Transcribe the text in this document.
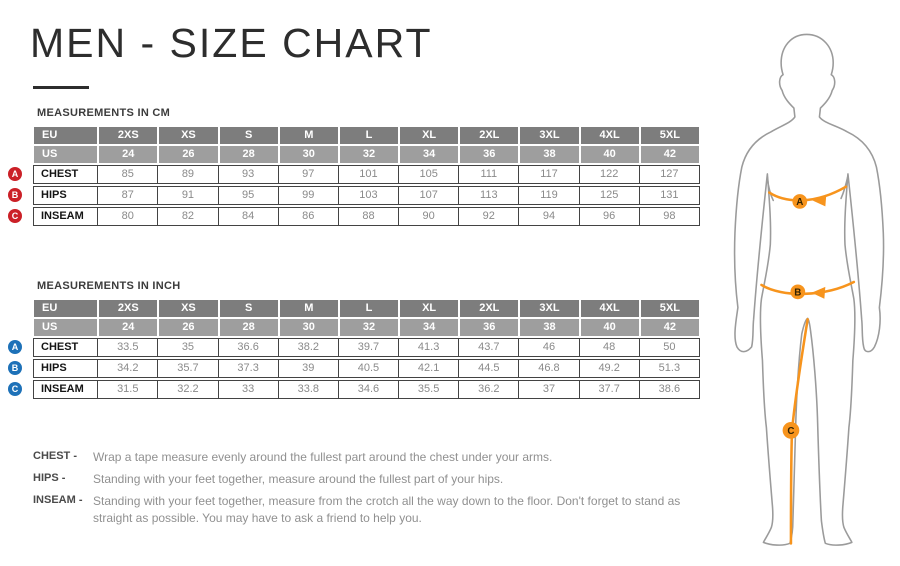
MEN - SIZE CHART
MEASUREMENTS IN CM
A
B
C
EU	2XS	XS	S	M	L	XL	2XL	3XL	4XL	5XL
US	24	26	28	30	32	34	36	38	40	42
CHEST	85	89	93	97	101	105	111	117	122	127
HIPS	87	91	95	99	103	107	113	119	125	131
INSEAM	80	82	84	86	88	90	92	94	96	98
MEASUREMENTS IN INCH
A
B
C
EU	2XS	XS	S	M	L	XL	2XL	3XL	4XL	5XL
US	24	26	28	30	32	34	36	38	40	42
CHEST	33.5	35	36.6	38.2	39.7	41.3	43.7	46	48	50
HIPS	34.2	35.7	37.3	39	40.5	42.1	44.5	46.8	49.2	51.3
INSEAM	31.5	32.2	33	33.8	34.6	35.5	36.2	37	37.7	38.6
CHEST -	Wrap a tape measure evenly around the fullest part around the chest under your arms.
HIPS -	Standing with your feet together, measure around the fullest part of your hips.
INSEAM - Standing with your feet together, measure from the crotch all the way down to the floor. Don't forget to stand as straight as possible. You may have to ask a friend to help you.
A
B
C
